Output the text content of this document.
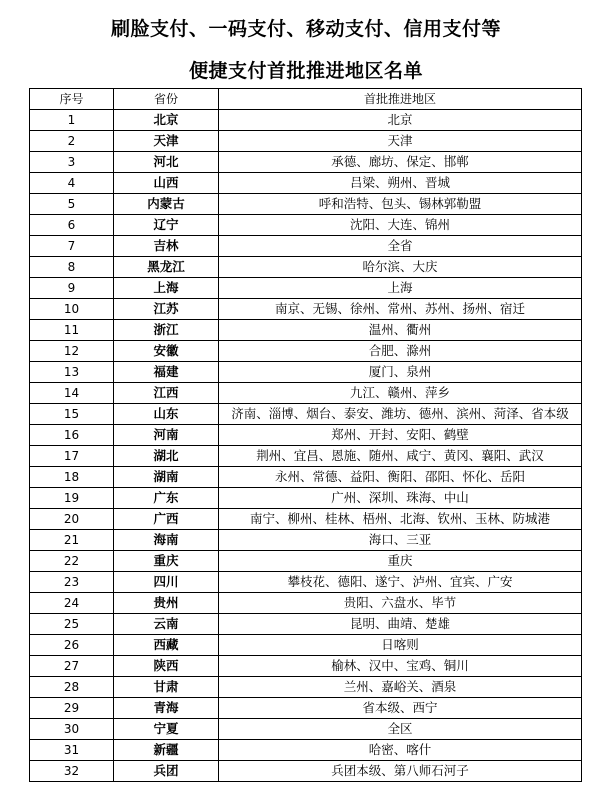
刷脸支付、一码支付、移动支付、信用支付等
便捷支付首批推进地区名单
序号	省份	首批推进地区
1	北京	北京
2	天津	天津
3	河北	承德、廊坊、保定、邯郸
4	山西	吕梁、朔州、晋城
5	内蒙古	呼和浩特、包头、锡林郭勒盟
6	辽宁	沈阳、大连、锦州
7	吉林	全省
8	黑龙江	哈尔滨、大庆
9	上海	上海
10	江苏	南京、无锡、徐州、常州、苏州、扬州、宿迁
11	浙江	温州、衢州
12	安徽	合肥、滁州
13	福建	厦门、泉州
14	江西	九江、赣州、萍乡
15	山东	济南、淄博、烟台、泰安、潍坊、德州、滨州、菏泽、省本级
16	河南	郑州、开封、安阳、鹤壁
17	湖北	荆州、宜昌、恩施、随州、咸宁、黄冈、襄阳、武汉
18	湖南	永州、常德、益阳、衡阳、邵阳、怀化、岳阳
19	广东	广州、深圳、珠海、中山
20	广西	南宁、柳州、桂林、梧州、北海、钦州、玉林、防城港
21	海南	海口、三亚
22	重庆	重庆
23	四川	攀枝花、德阳、遂宁、泸州、宜宾、广安
24	贵州	贵阳、六盘水、毕节
25	云南	昆明、曲靖、楚雄
26	西藏	日喀则
27	陕西	榆林、汉中、宝鸡、铜川
28	甘肃	兰州、嘉峪关、酒泉
29	青海	省本级、西宁
30	宁夏	全区
31	新疆	哈密、喀什
32	兵团	兵团本级、第八师石河子
